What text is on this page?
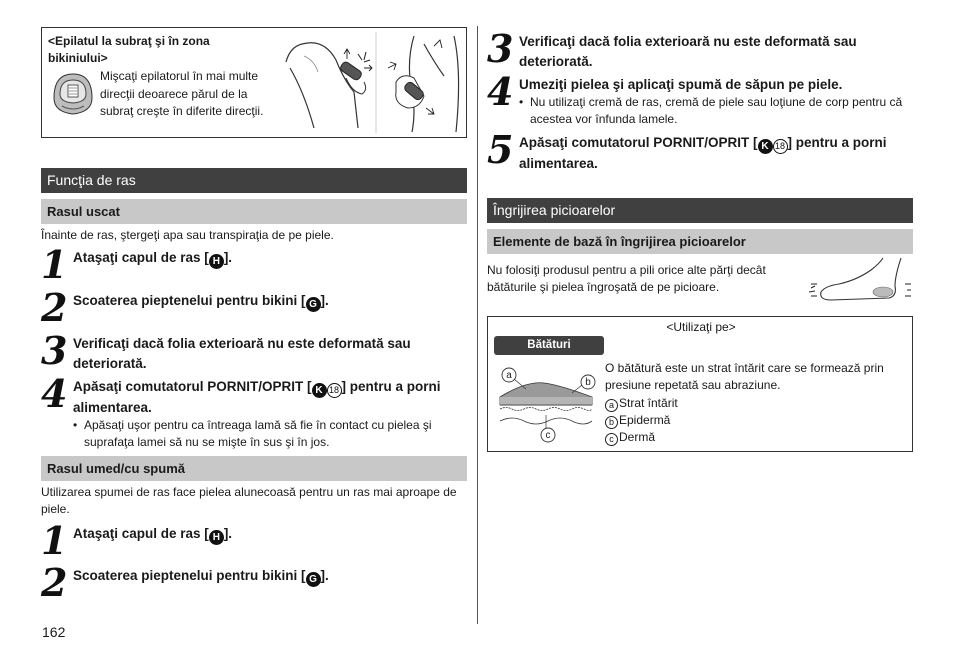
<Epilatul la subraţ şi în zona bikiniului>
Mişcaţi epilatorul în mai multe direcţii deoarece părul de la subraţ creşte în diferite direcţii.
Funcţia de ras
Rasul uscat
Înainte de ras, ştergeţi apa sau transpiraţia de pe piele.
1 Ataşaţi capul de ras [ H ].
2 Scoaterea pieptenelui pentru bikini [ G ].
3 Verificaţi dacă folia exterioară nu este deformată sau deteriorată.
4 Apăsaţi comutatorul PORNIT/OPRIT [ K 18 ] pentru a porni alimentarea.
• Apăsaţi uşor pentru ca întreaga lamă să fie în contact cu pielea şi suprafaţa lamei să nu se mişte în sus şi în jos.
Rasul umed/cu spumă
Utilizarea spumei de ras face pielea alunecoasă pentru un ras mai aproape de piele.
1 Ataşaţi capul de ras [ H ].
2 Scoaterea pieptenelui pentru bikini [ G ].
3 Verificaţi dacă folia exterioară nu este deformată sau deteriorată.
4 Umeziţi pielea şi aplicaţi spumă de săpun pe piele.
• Nu utilizaţi cremă de ras, cremă de piele sau loţiune de corp pentru că acestea vor înfunda lamele.
5 Apăsaţi comutatorul PORNIT/OPRIT [ K 18 ] pentru a porni alimentarea.
Îngrijirea picioarelor
Elemente de bază în îngrijirea picioarelor
Nu folosiţi produsul pentru a pili orice alte părţi decât bătăturile şi pielea îngroşată de pe picioare.
<Utilizaţi pe>
Bătături
a
b
c
O bătătură este un strat întărit care se formează prin presiune repetată sau abraziune.
a Strat întărit
b Epidermă
c Dermă
162
